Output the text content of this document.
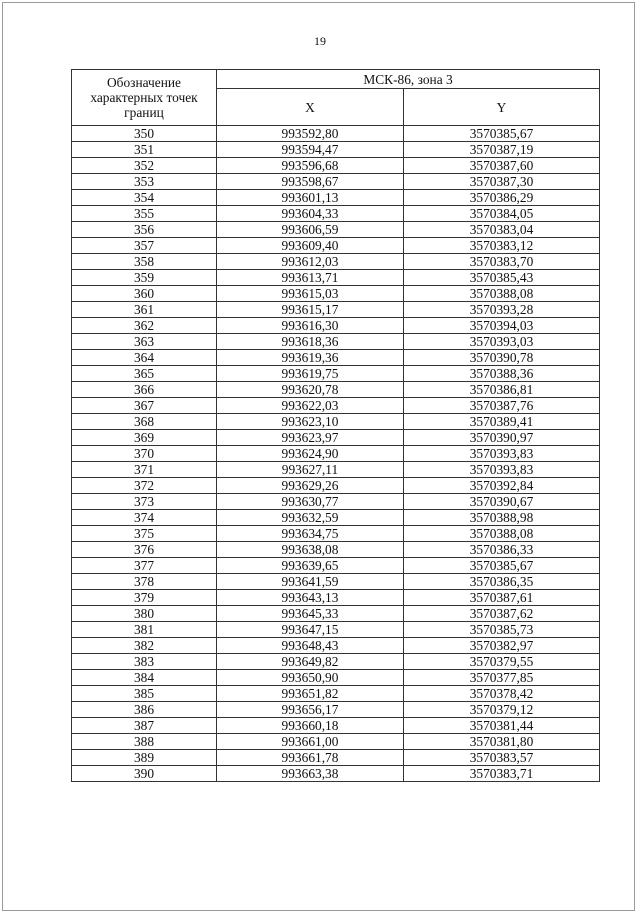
19
Обозначение характерных точек границ	МСК-86, зона 3	
	X	Y
350	993592,80	3570385,67
351	993594,47	3570387,19
352	993596,68	3570387,60
353	993598,67	3570387,30
354	993601,13	3570386,29
355	993604,33	3570384,05
356	993606,59	3570383,04
357	993609,40	3570383,12
358	993612,03	3570383,70
359	993613,71	3570385,43
360	993615,03	3570388,08
361	993615,17	3570393,28
362	993616,30	3570394,03
363	993618,36	3570393,03
364	993619,36	3570390,78
365	993619,75	3570388,36
366	993620,78	3570386,81
367	993622,03	3570387,76
368	993623,10	3570389,41
369	993623,97	3570390,97
370	993624,90	3570393,83
371	993627,11	3570393,83
372	993629,26	3570392,84
373	993630,77	3570390,67
374	993632,59	3570388,98
375	993634,75	3570388,08
376	993638,08	3570386,33
377	993639,65	3570385,67
378	993641,59	3570386,35
379	993643,13	3570387,61
380	993645,33	3570387,62
381	993647,15	3570385,73
382	993648,43	3570382,97
383	993649,82	3570379,55
384	993650,90	3570377,85
385	993651,82	3570378,42
386	993656,17	3570379,12
387	993660,18	3570381,44
388	993661,00	3570381,80
389	993661,78	3570383,57
390	993663,38	3570383,71
